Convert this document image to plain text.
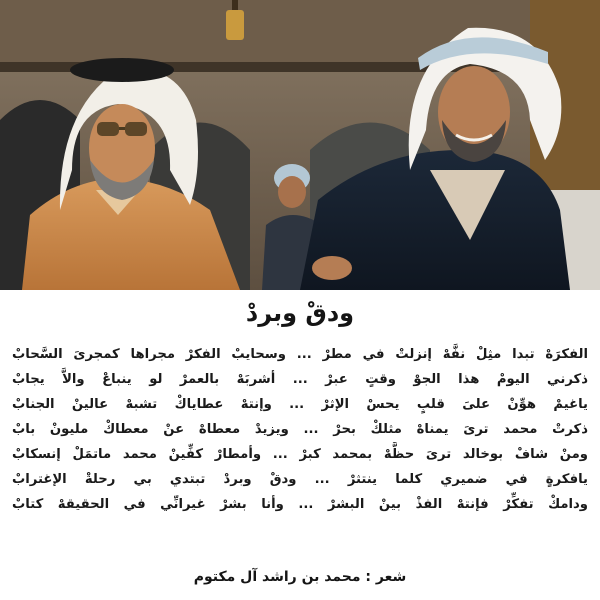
ودقْ وبردْ
الفكرَهْ تبدا مثِلْ نفَّهْ إنزلتْ في مطرْ ... وسحايبْ الفكرْ مجراها كمجرىَ السَّحابْ
ذكرني اليومْ هذا الجوْ وقتٍ عبرْ ... أشربَهْ بالعمرْ لو ينباعْ والاَّ يجابْ
ياغيمْ هوِّنْ علىَ قلبٍ يحسْ الإثرْ ... وإنتهْ عطاياكْ تشبهْ عالينْ الجنابْ
ذكرتْ محمد ترىَ يمناهْ مثلكْ بحرْ ... ويزيدْ معطاهْ عنْ معطاكْ مليونْ بابْ
ومنْ شافْ بوخالد ترىَ حظَّهْ بمحمد كبرْ ... وأمطارْ كفِّينْ محمد ماتمَلْ إنسكابْ
يافكرةٍ في ضميري كلما ينتثرْ ... ودقْ وبردْ تبتدي بي رحلةْ الإغترابْ
ودامكْ تفكِّرْ فإنتهْ الفذْ بينْ البشرْ ... وأنا بشرْ غيرانِّي في الحقيقهْ كتابْ
شعر : محمد بن راشد آل مكتوم
